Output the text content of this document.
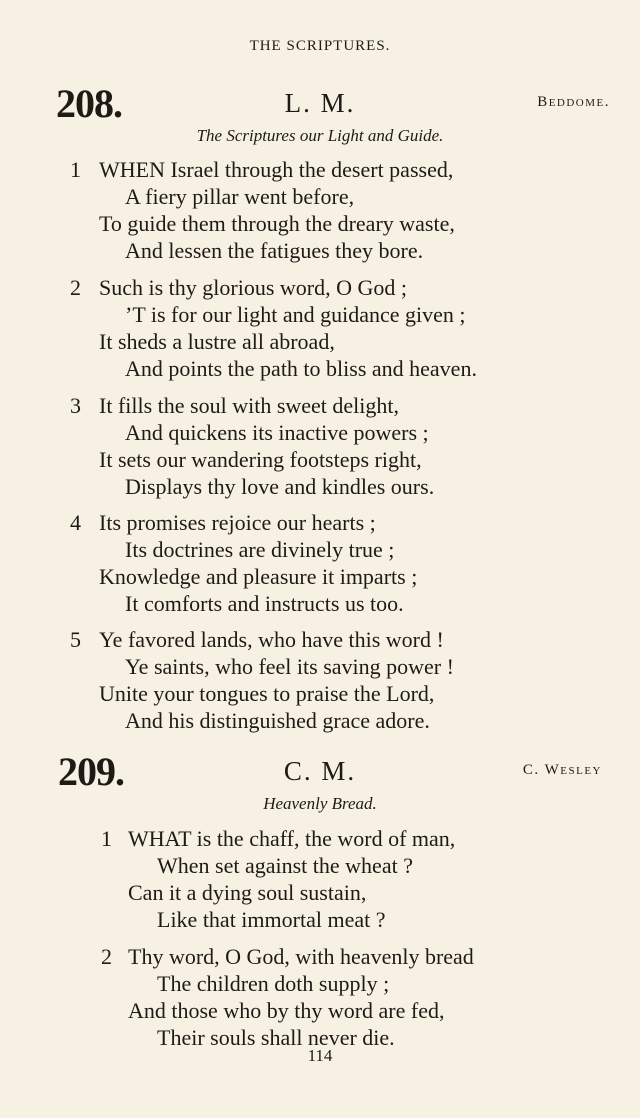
THE SCRIPTURES.
208.	L. M.	Beddome.
The Scriptures our Light and Guide.
1 WHEN Israel through the desert passed,
A fiery pillar went before,
To guide them through the dreary waste,
And lessen the fatigues they bore.
2 Such is thy glorious word, O God ;
’T is for our light and guidance given ;
It sheds a lustre all abroad,
And points the path to bliss and heaven.
3 It fills the soul with sweet delight,
And quickens its inactive powers ;
It sets our wandering footsteps right,
Displays thy love and kindles ours.
4 Its promises rejoice our hearts ;
Its doctrines are divinely true ;
Knowledge and pleasure it imparts ;
It comforts and instructs us too.
5 Ye favored lands, who have this word !
Ye saints, who feel its saving power !
Unite your tongues to praise the Lord,
And his distinguished grace adore.
209.	C. M.	C. Wesley
Heavenly Bread.
1 WHAT is the chaff, the word of man,
When set against the wheat ?
Can it a dying soul sustain,
Like that immortal meat ?
2 Thy word, O God, with heavenly bread
The children doth supply ;
And those who by thy word are fed,
Their souls shall never die.
114
